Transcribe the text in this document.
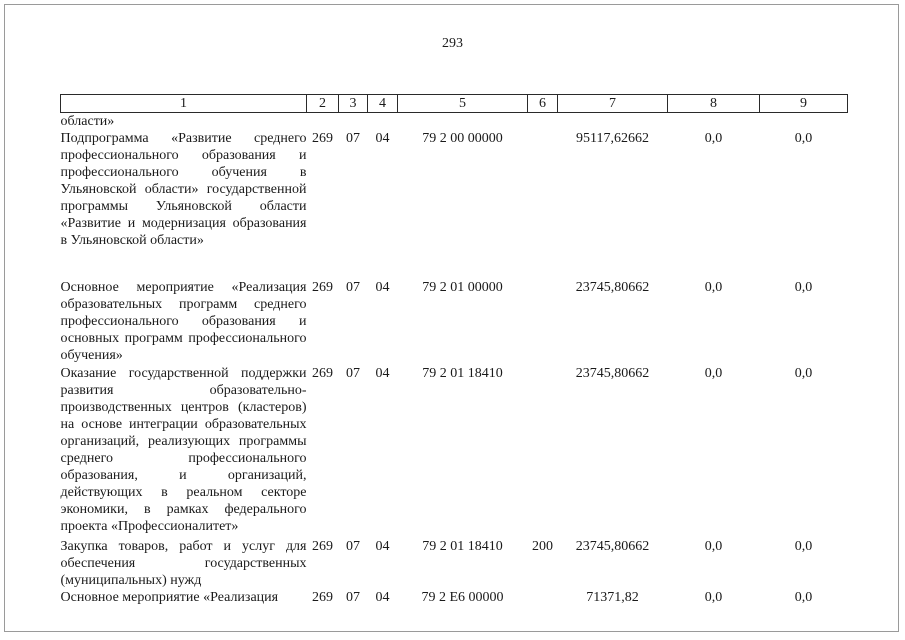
293
1	2	3	4	5	6	7	8	9
области»								
Подпрограмма «Развитие среднего профессионального образования и профессионального обучения в Ульяновской области» государственной программы Ульяновской области «Развитие и модернизация образования в Ульяновской области»	269	07	04	79 2 00 00000		95117,62662	0,0	0,0
Основное мероприятие «Реализация образовательных программ среднего профессионального образования и основных программ профессионального обучения»	269	07	04	79 2 01 00000		23745,80662	0,0	0,0
Оказание государственной поддержки развития образовательно-производственных центров (кластеров) на основе интеграции образовательных организаций, реализующих программы среднего профессионального образования, и организаций, действующих в реальном секторе экономики, в рамках федерального проекта «Профессионалитет»	269	07	04	79 2 01 18410		23745,80662	0,0	0,0
Закупка товаров, работ и услуг для обеспечения государственных (муниципальных) нужд	269	07	04	79 2 01 18410	200	23745,80662	0,0	0,0
Основное мероприятие «Реализация	269	07	04	79 2 Е6 00000		71371,82	0,0	0,0
